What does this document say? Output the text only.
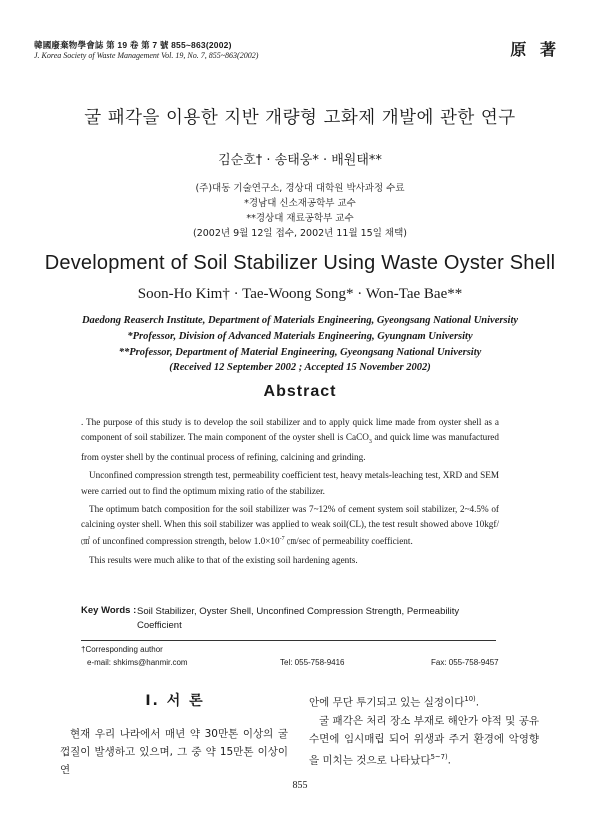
韓國廢棄物學會誌 第 19 卷 第 7 號 855~863(2002)
J. Korea Society of Waste Management Vol. 19, No. 7, 855~863(2002)	原 著
굴 패각을 이용한 지반 개량형 고화제 개발에 관한 연구
김순호† · 송태웅* · 배원태**
(주)대동 기술연구소, 경상대 대학원 박사과정 수료
*경남대 신소재공학부 교수
**경상대 재료공학부 교수
(2002년 9월 12일 접수, 2002년 11월 15일 채택)
Development of Soil Stabilizer Using Waste Oyster Shell
Soon-Ho Kim† · Tae-Woong Song* · Won-Tae Bae**
Daedong Reaserch Institute, Department of Materials Engineering, Gyeongsang National University
*Professor, Division of Advanced Materials Engineering, Gyungnam University
**Professor, Department of Material Engineering, Gyeongsang National University
(Received 12 September 2002 ; Accepted 15 November 2002)
Abstract

. The purpose of this study is to develop the soil stabilizer and to apply quick lime made from oyster shell as a component of soil stabilizer. The main component of the oyster shell is CaCO$_3$ and quick lime was manufactured from oyster shell by the continual process of refining, calcining and grinding.

Unconfined compression strength test, permeability coefficient test, heavy metals-leaching test, XRD and SEM were carried out to find the optimum mixing ratio of the stabilizer.

The optimum batch composition for the soil stabilizer was 7~12% of cement system soil stabilizer, 2~4.5% of calcining oyster shell. When this soil stabilizer was applied to weak soil(CL), the test result showed above 10kgf/㎠ of unconfined compression strength, below $1.0\times 10^{-7}$ ㎝/sec of permeability coefficient.

This results were much alike to that of the existing soil hardening agents.

Key Words : Soil Stabilizer, Oyster Shell, Unconfined Compression Strength, Permeability Coefficient
†Corresponding author
e-mail: shkims@hanmir.com	Tel: 055-758-9416	Fax: 055-758-9457
I. 서 론

현재 우리 나라에서 매년 약 30만톤 이상의 굴껍질이 발생하고 있으며, 그 중 약 15만톤 이상이 연

안에 무단 투기되고 있는 실정이다$^{10)}$.

굴 패각은 처리 장소 부재로 해안가 야적 및 공유수면에 임시매립 되어 위생과 주거 환경에 악영향을 미치는 것으로 나타났다$^{5\sim 7)}$.

855
